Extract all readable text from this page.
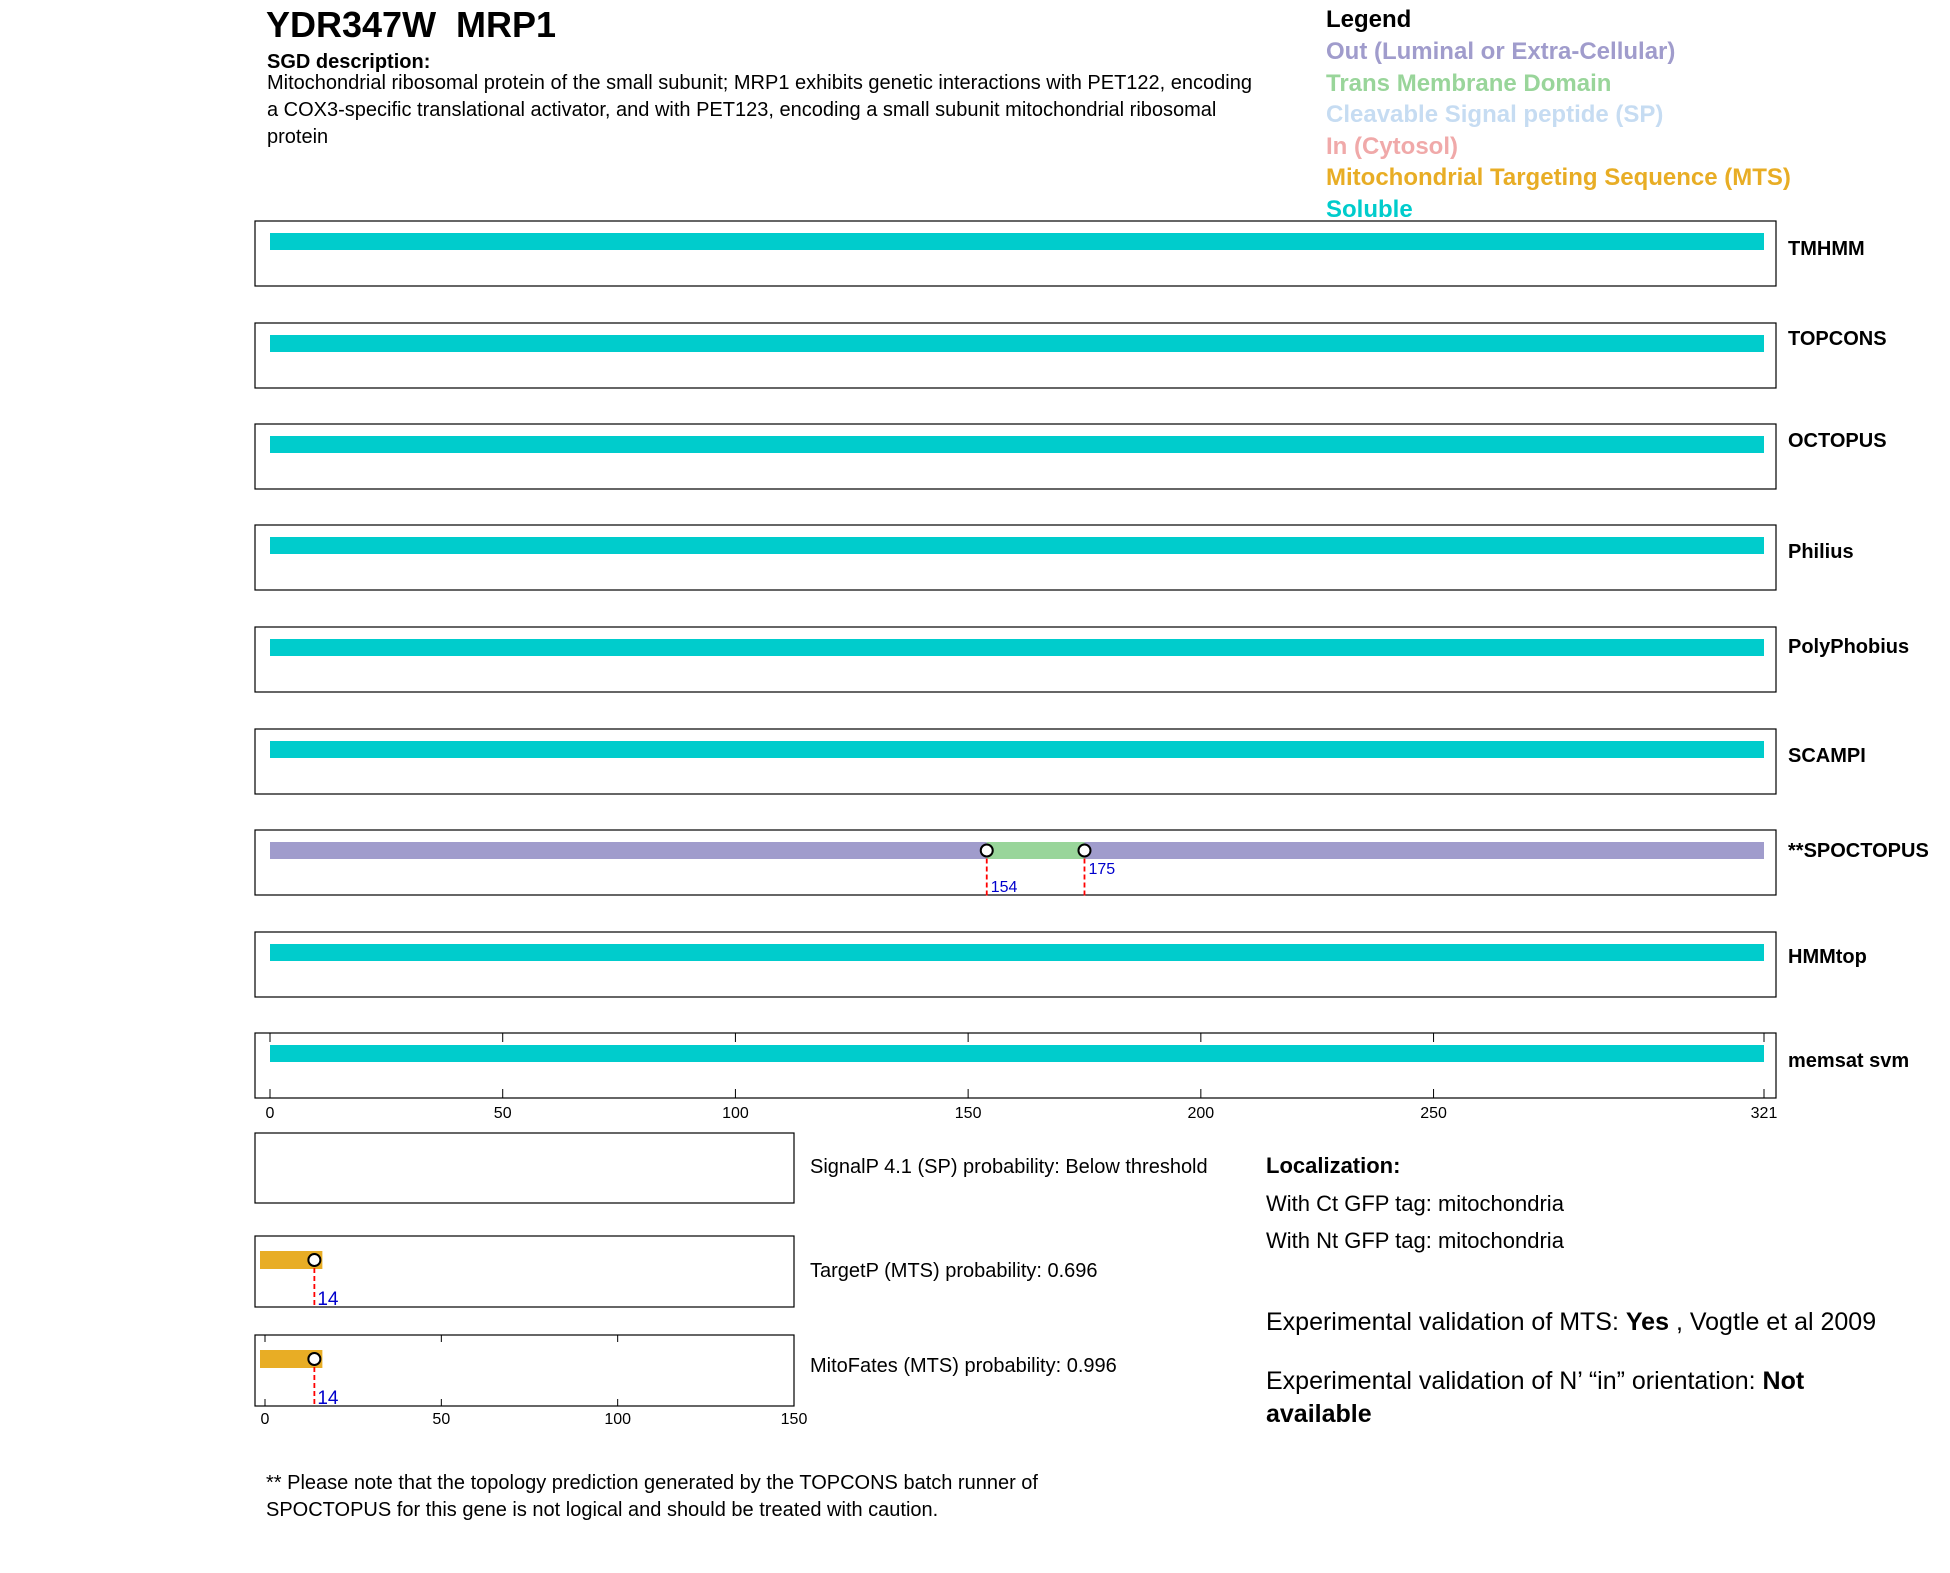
YDR347W  MRP1
SGD description:
Mitochondrial ribosomal protein of the small subunit; MRP1 exhibits genetic interactions with PET122, encoding a COX3-specific translational activator, and with PET123, encoding a small subunit mitochondrial ribosomal protein
Legend
Out (Luminal or Extra-Cellular)
Trans Membrane Domain
Cleavable Signal peptide (SP)
In (Cytosol)
Mitochondrial Targeting Sequence (MTS)
Soluble
TMHMM
TOPCONS
OCTOPUS
Philius
PolyPhobius
SCAMPI
**SPOCTOPUS
154
175
HMMtop
memsat svm
0	50	100	150	200	250	321
SignalP 4.1 (SP) probability: Below threshold
14
TargetP (MTS) probability: 0.696
14
MitoFates (MTS) probability: 0.996
0	50	100	150
Localization:
With Ct GFP tag: mitochondria
With Nt GFP tag: mitochondria
Experimental validation of MTS: Yes , Vogtle et al 2009
Experimental validation of N’ “in” orientation: Not available
** Please note that the topology prediction generated by the TOPCONS batch runner of SPOCTOPUS for this gene is not logical and should be treated with caution.
